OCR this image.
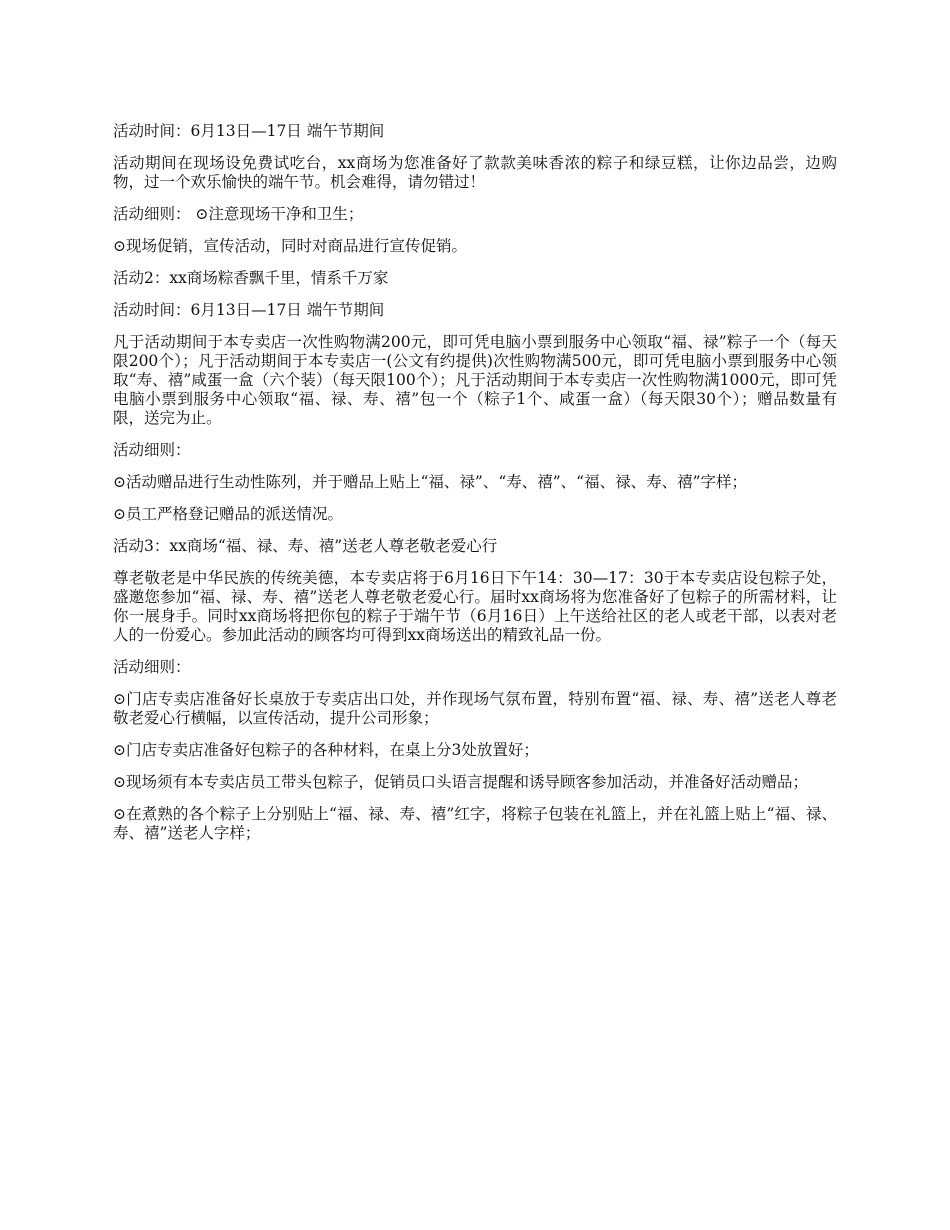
活动时间：6月13日—17日 端午节期间

活动期间在现场设免费试吃台，xx商场为您准备好了款款美味香浓的粽子和绿豆糕，让你边品尝，边购物，过一个欢乐愉快的端午节。机会难得，请勿错过！

活动细则： ⊙注意现场干净和卫生；

⊙现场促销，宣传活动，同时对商品进行宣传促销。

活动2：xx商场粽香飘千里，情系千万家

活动时间：6月13日—17日 端午节期间

凡于活动期间于本专卖店一次性购物满200元，即可凭电脑小票到服务中心领取“福、禄”粽子一个（每天限200个）；凡于活动期间于本专卖店一(公文有约提供)次性购物满500元，即可凭电脑小票到服务中心领取“寿、禧”咸蛋一盒（六个装）（每天限100个）；凡于活动期间于本专卖店一次性购物满1000元，即可凭电脑小票到服务中心领取“福、禄、寿、禧”包一个（粽子1个、咸蛋一盒）（每天限30个）；赠品数量有限，送完为止。

活动细则：

⊙活动赠品进行生动性陈列，并于赠品上贴上“福、禄”、“寿、禧”、“福、禄、寿、禧”字样；

⊙员工严格登记赠品的派送情况。

活动3：xx商场“福、禄、寿、禧”送老人尊老敬老爱心行

尊老敬老是中华民族的传统美德，本专卖店将于6月16日下午14：30—17：30于本专卖店设包粽子处，盛邀您参加“福、禄、寿、禧”送老人尊老敬老爱心行。届时xx商场将为您准备好了包粽子的所需材料，让你一展身手。同时xx商场将把你包的粽子于端午节（6月16日）上午送给社区的老人或老干部，以表对老人的一份爱心。参加此活动的顾客均可得到xx商场送出的精致礼品一份。

活动细则：

⊙门店专卖店准备好长桌放于专卖店出口处，并作现场气氛布置，特别布置“福、禄、寿、禧”送老人尊老敬老爱心行横幅，以宣传活动，提升公司形象；

⊙门店专卖店准备好包粽子的各种材料，在桌上分3处放置好；

⊙现场须有本专卖店员工带头包粽子，促销员口头语言提醒和诱导顾客参加活动，并准备好活动赠品；

⊙在煮熟的各个粽子上分别贴上“福、禄、寿、禧”红字，将粽子包装在礼篮上，并在礼篮上贴上“福、禄、寿、禧”送老人字样；
